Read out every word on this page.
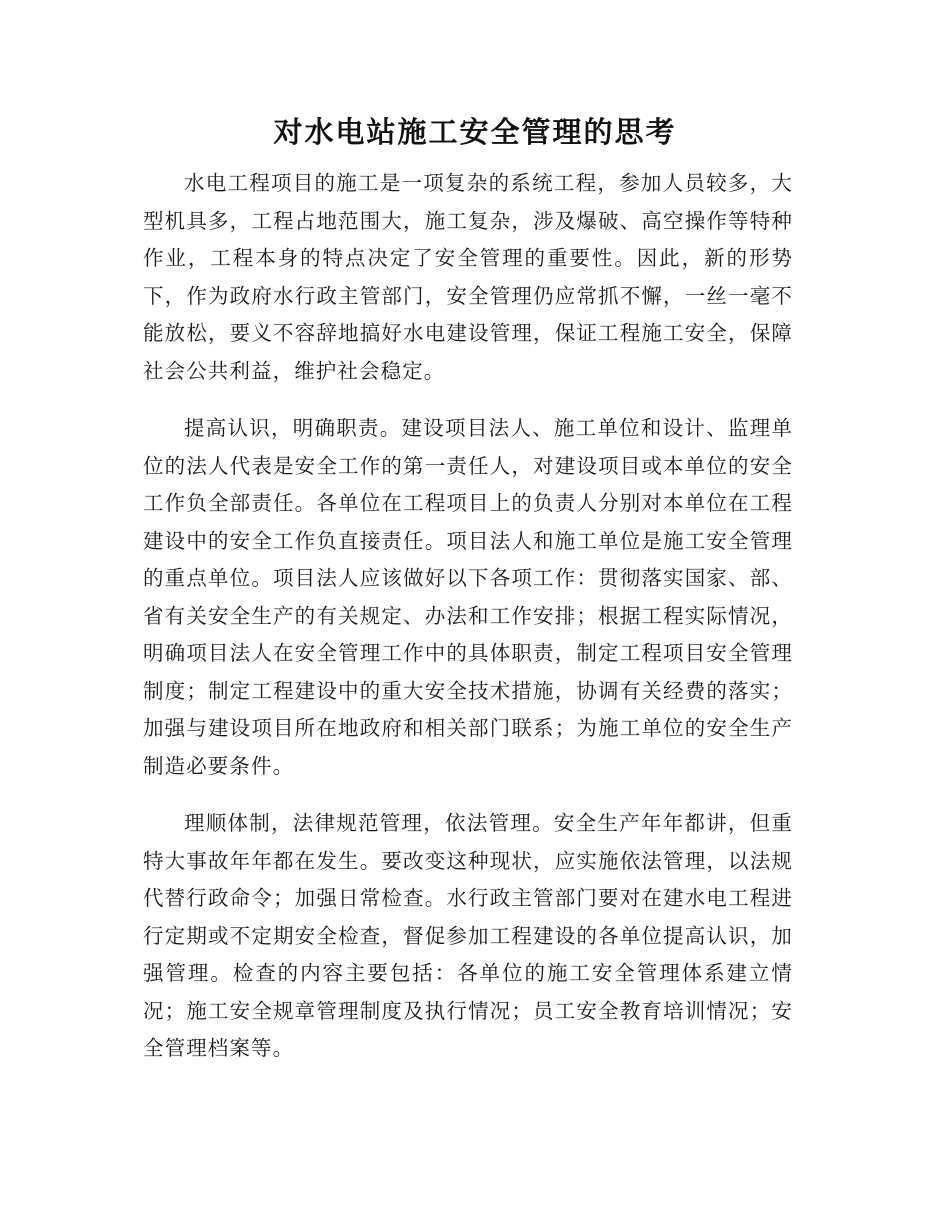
对水电站施工安全管理的思考

水电工程项目的施工是一项复杂的系统工程，参加人员较多，大型机具多，工程占地范围大，施工复杂，涉及爆破、高空操作等特种作业，工程本身的特点决定了安全管理的重要性。因此，新的形势下，作为政府水行政主管部门，安全管理仍应常抓不懈，一丝一毫不能放松，要义不容辞地搞好水电建设管理，保证工程施工安全，保障社会公共利益，维护社会稳定。

提高认识，明确职责。建设项目法人、施工单位和设计、监理单位的法人代表是安全工作的第一责任人，对建设项目或本单位的安全工作负全部责任。各单位在工程项目上的负责人分别对本单位在工程建设中的安全工作负直接责任。项目法人和施工单位是施工安全管理的重点单位。项目法人应该做好以下各项工作：贯彻落实国家、部、省有关安全生产的有关规定、办法和工作安排；根据工程实际情况，明确项目法人在安全管理工作中的具体职责，制定工程项目安全管理制度；制定工程建设中的重大安全技术措施，协调有关经费的落实；加强与建设项目所在地政府和相关部门联系；为施工单位的安全生产制造必要条件。

理顺体制，法律规范管理，依法管理。安全生产年年都讲，但重特大事故年年都在发生。要改变这种现状，应实施依法管理，以法规代替行政命令；加强日常检查。水行政主管部门要对在建水电工程进行定期或不定期安全检查，督促参加工程建设的各单位提高认识，加强管理。检查的内容主要包括：各单位的施工安全管理体系建立情况；施工安全规章管理制度及执行情况；员工安全教育培训情况；安全管理档案等。
